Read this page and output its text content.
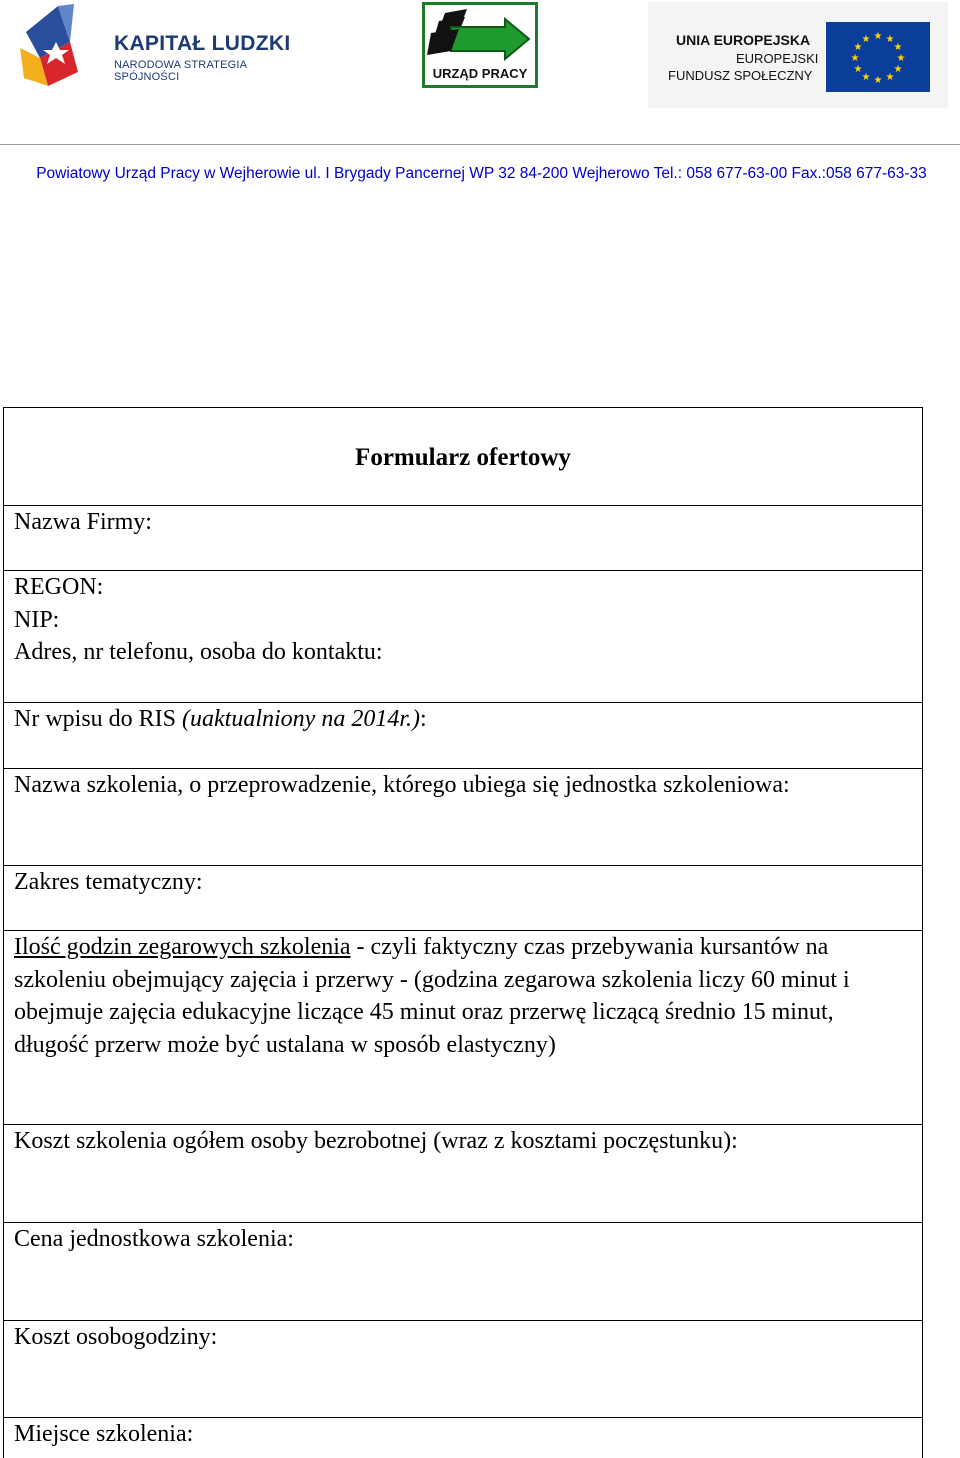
KAPITAŁ LUDZKI
NARODOWA STRATEGIA SPÓJNOŚCI	URZĄD PRACY
UNIA EUROPEJSKA
EUROPEJSKI
FUNDUSZ SPOŁECZNY
★ ★
★
★
★
★
★
★
★
★
★
★
Powiatowy Urząd Pracy w Wejherowie ul. I Brygady Pancernej WP 32 84-200 Wejherowo Tel.: 058 677-63-00 Fax.:058 677-63-33
Formularz ofertowy

Nazwa Firmy:

REGON:

NIP:

Adres, nr telefonu, osoba do kontaktu:

Nr wpisu do RIS (uaktualniony na 2014r.):

Nazwa szkolenia, o przeprowadzenie, którego ubiega się jednostka szkoleniowa:

Zakres tematyczny:

Ilość godzin zegarowych szkolenia - czyli faktyczny czas przebywania kursantów na szkoleniu obejmujący zajęcia i przerwy - (godzina zegarowa szkolenia liczy 60 minut i obejmuje zajęcia edukacyjne liczące 45 minut oraz przerwę liczącą średnio 15 minut, długość przerw może być ustalana w sposób elastyczny)

Koszt szkolenia ogółem osoby bezrobotnej (wraz z kosztami poczęstunku):

Cena jednostkowa szkolenia:

Koszt osobogodziny:

Miejsce szkolenia:
